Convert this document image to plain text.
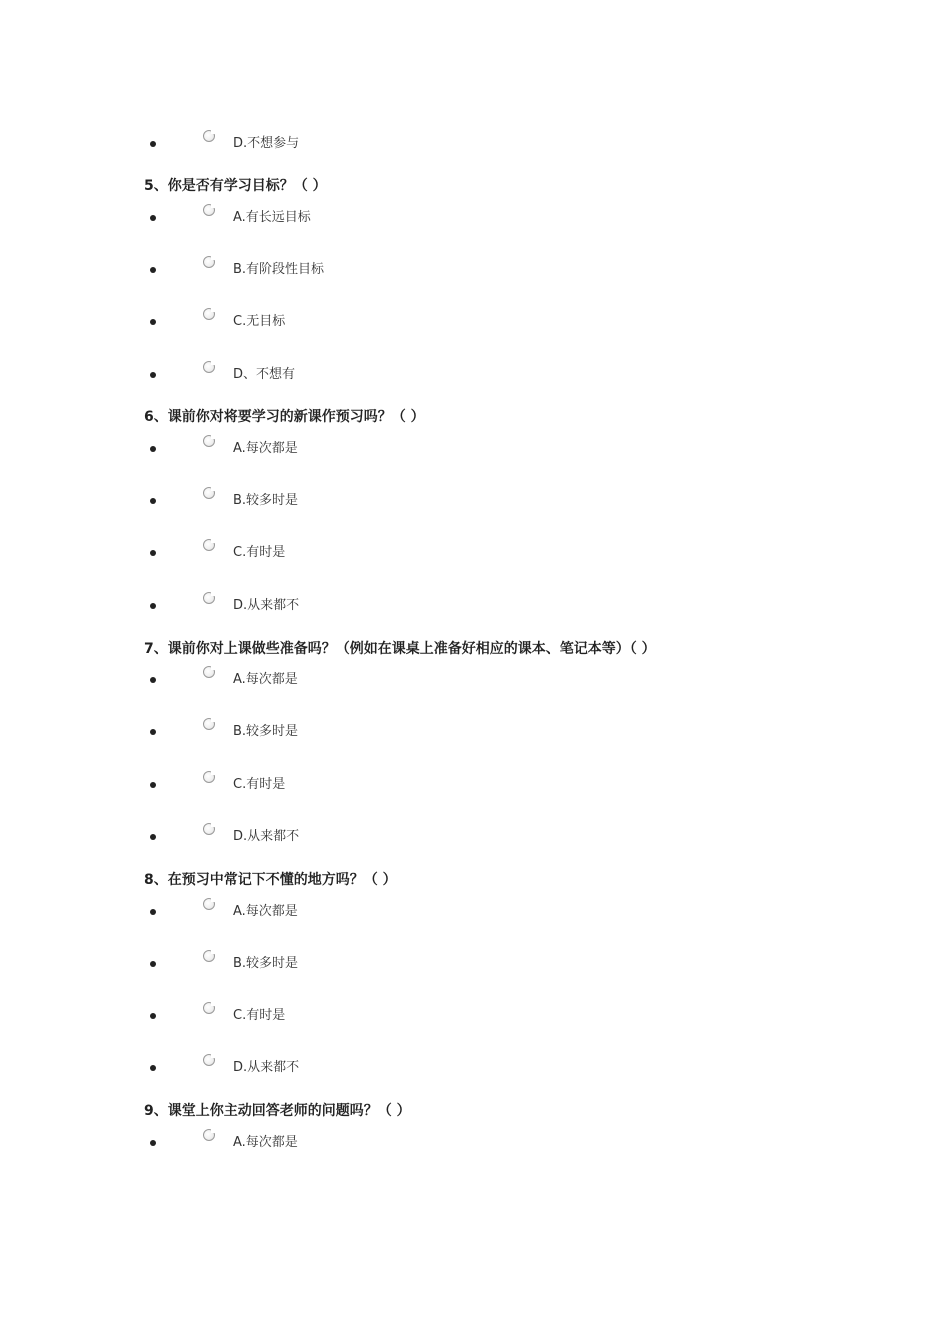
D.不想参与
5、你是否有学习目标？（ ）
A.有长远目标
B.有阶段性目标
C.无目标
D、不想有
6、课前你对将要学习的新课作预习吗？（ ）
A.每次都是
B.较多时是
C.有时是
D.从来都不
7、课前你对上课做些准备吗？（例如在课桌上准备好相应的课本、笔记本等）（ ）
A.每次都是
B.较多时是
C.有时是
D.从来都不
8、在预习中常记下不懂的地方吗？（ ）
A.每次都是
B.较多时是
C.有时是
D.从来都不
9、课堂上你主动回答老师的问题吗？（ ）
A.每次都是
